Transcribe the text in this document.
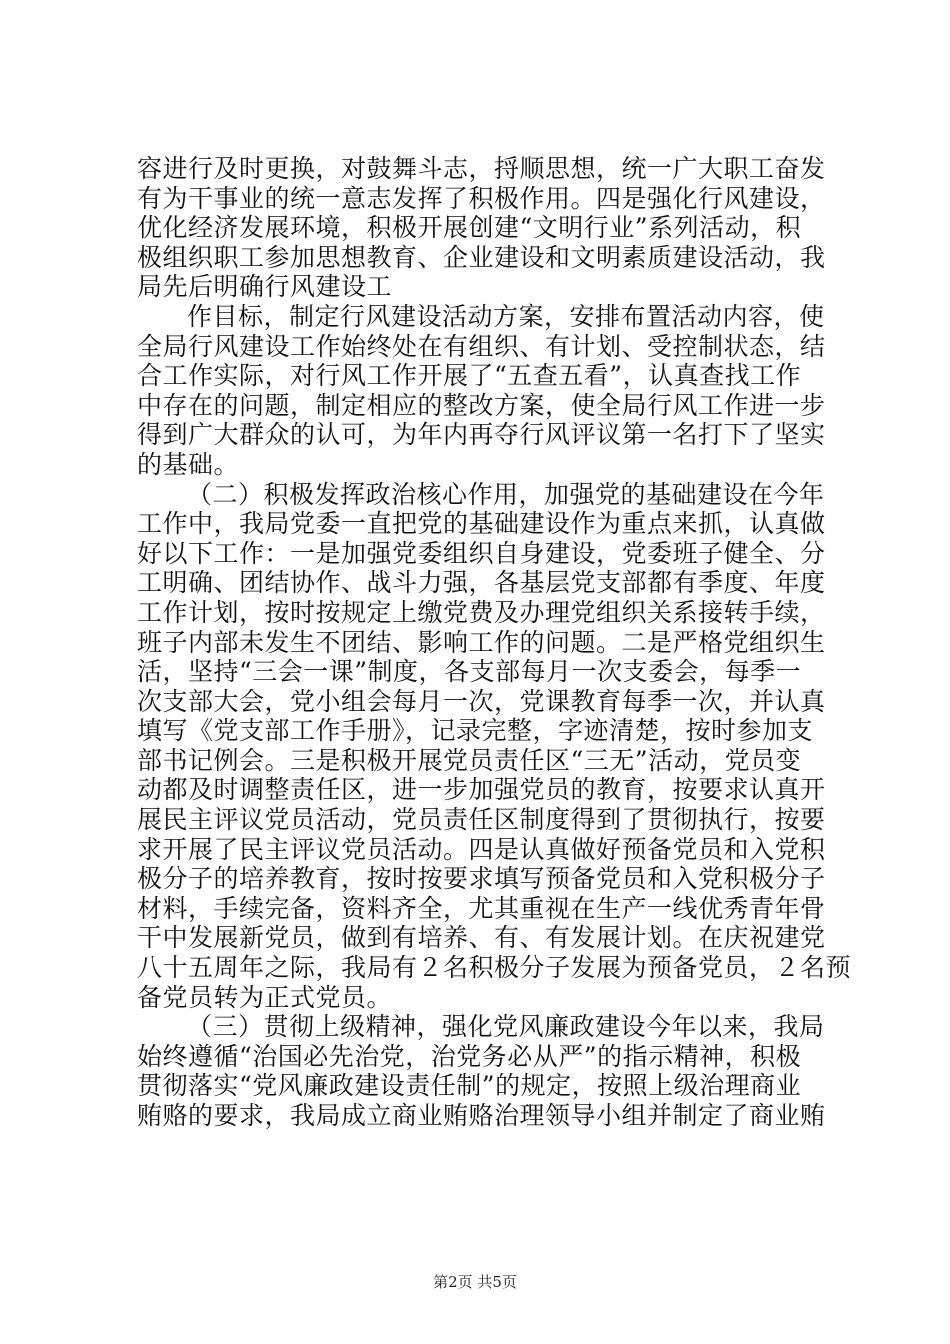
容进行及时更换，对鼓舞斗志，捋顺思想，统一广大职工奋发
有为干事业的统一意志发挥了积极作用。四是强化行风建设，
优化经济发展环境，积极开展创建“文明行业”系列活动，积
极组织职工参加思想教育、企业建设和文明素质建设活动，我
局先后明确行风建设工
作目标，制定行风建设活动方案，安排布置活动内容，使
全局行风建设工作始终处在有组织、有计划、受控制状态，结
合工作实际，对行风工作开展了“五查五看”，认真查找工作
中存在的问题，制定相应的整改方案，使全局行风工作进一步
得到广大群众的认可，为年内再夺行风评议第一名打下了坚实
的基础。
（二）积极发挥政治核心作用，加强党的基础建设在今年
工作中，我局党委一直把党的基础建设作为重点来抓，认真做
好以下工作：一是加强党委组织自身建设，党委班子健全、分
工明确、团结协作、战斗力强，各基层党支部都有季度、年度
工作计划，按时按规定上缴党费及办理党组织关系接转手续，
班子内部未发生不团结、影响工作的问题。二是严格党组织生
活，坚持“三会一课”制度，各支部每月一次支委会，每季一
次支部大会，党小组会每月一次，党课教育每季一次，并认真
填写《党支部工作手册》，记录完整，字迹清楚，按时参加支
部书记例会。三是积极开展党员责任区“三无”活动，党员变
动都及时调整责任区，进一步加强党员的教育，按要求认真开
展民主评议党员活动，党员责任区制度得到了贯彻执行，按要
求开展了民主评议党员活动。四是认真做好预备党员和入党积
极分子的培养教育，按时按要求填写预备党员和入党积极分子
材料，手续完备，资料齐全，尤其重视在生产一线优秀青年骨
干中发展新党员，做到有培养、有、有发展计划。在庆祝建党
八十五周年之际，我局有２名积极分子发展为预备党员，２名预
备党员转为正式党员。
（三）贯彻上级精神，强化党风廉政建设今年以来，我局
始终遵循“治国必先治党，治党务必从严”的指示精神，积极
贯彻落实“党风廉政建设责任制”的规定，按照上级治理商业
贿赂的要求，我局成立商业贿赂治理领导小组并制定了商业贿
第2页 共5页
